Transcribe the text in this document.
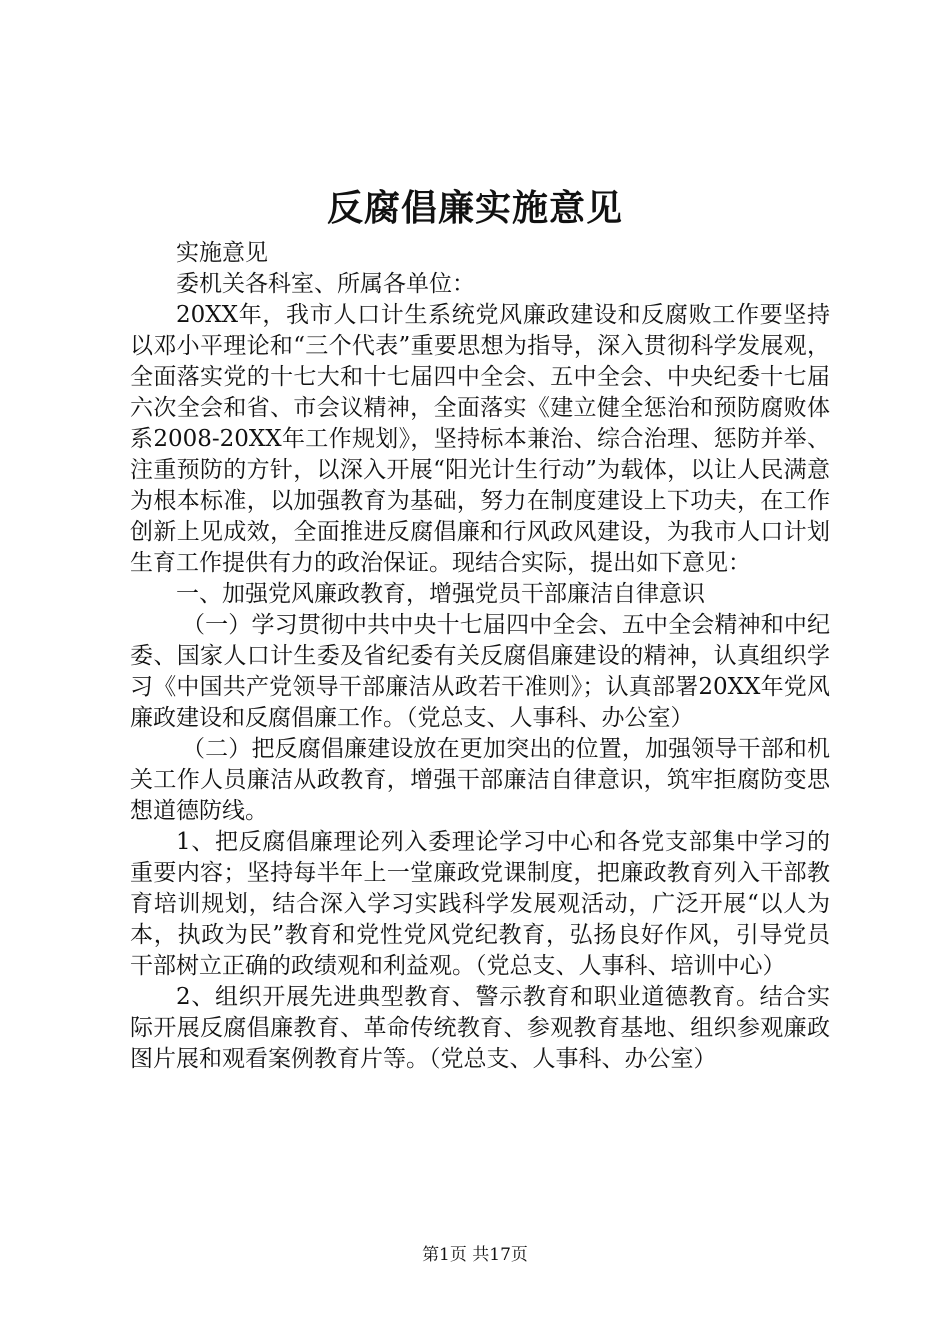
反腐倡廉实施意见

实施意见

委机关各科室、所属各单位：

20XX年，我市人口计生系统党风廉政建设和反腐败工作要坚持以邓小平理论和“三个代表”重要思想为指导，深入贯彻科学发展观，全面落实党的十七大和十七届四中全会、五中全会、中央纪委十七届六次全会和省、市会议精神，全面落实《建立健全惩治和预防腐败体系2008-20XX年工作规划》，坚持标本兼治、综合治理、惩防并举、注重预防的方针，以深入开展“阳光计生行动”为载体，以让人民满意为根本标准，以加强教育为基础，努力在制度建设上下功夫，在工作创新上见成效，全面推进反腐倡廉和行风政风建设，为我市人口计划生育工作提供有力的政治保证。现结合实际，提出如下意见：

一、加强党风廉政教育，增强党员干部廉洁自律意识

（一）学习贯彻中共中央十七届四中全会、五中全会精神和中纪委、国家人口计生委及省纪委有关反腐倡廉建设的精神，认真组织学习《中国共产党领导干部廉洁从政若干准则》；认真部署20XX年党风廉政建设和反腐倡廉工作。（党总支、人事科、办公室）

（二）把反腐倡廉建设放在更加突出的位置，加强领导干部和机关工作人员廉洁从政教育，增强干部廉洁自律意识，筑牢拒腐防变思想道德防线。

1、把反腐倡廉理论列入委理论学习中心和各党支部集中学习的重要内容；坚持每半年上一堂廉政党课制度，把廉政教育列入干部教育培训规划，结合深入学习实践科学发展观活动，广泛开展“以人为本，执政为民”教育和党性党风党纪教育，弘扬良好作风，引导党员干部树立正确的政绩观和利益观。（党总支、人事科、培训中心）

2、组织开展先进典型教育、警示教育和职业道德教育。结合实际开展反腐倡廉教育、革命传统教育、参观教育基地、组织参观廉政图片展和观看案例教育片等。（党总支、人事科、办公室）

第1页 共17页
